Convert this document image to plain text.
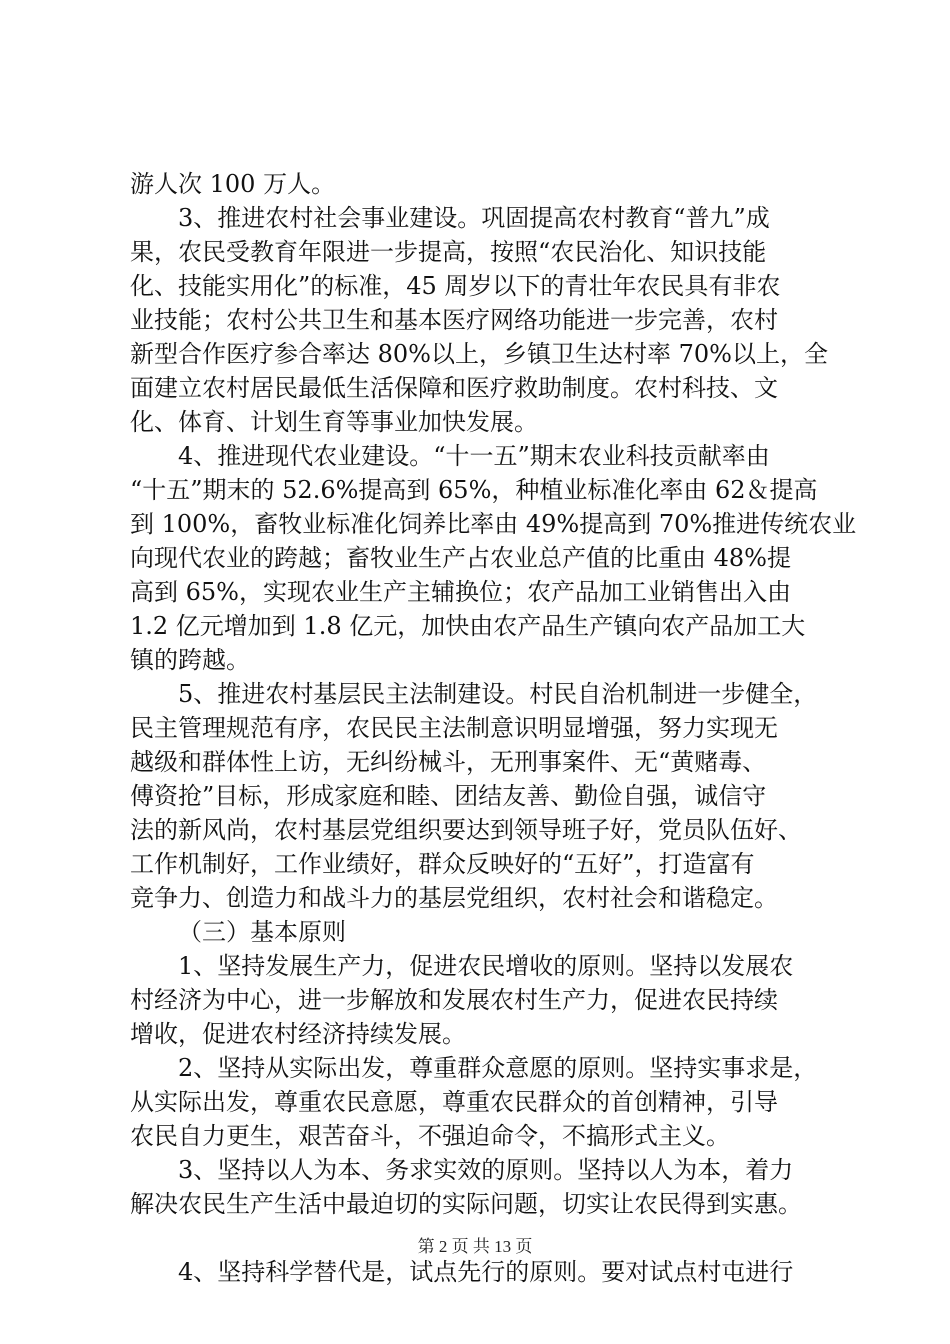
游人次 100 万人。
3、推进农村社会事业建设。巩固提高农村教育“普九”成
果，农民受教育年限进一步提高，按照“农民治化、知识技能
化、技能实用化”的标准，45 周岁以下的青壮年农民具有非农
业技能；农村公共卫生和基本医疗网络功能进一步完善，农村
新型合作医疗参合率达 80%以上，乡镇卫生达村率 70%以上，全
面建立农村居民最低生活保障和医疗救助制度。农村科技、文
化、体育、计划生育等事业加快发展。
4、推进现代农业建设。“十一五”期末农业科技贡献率由
“十五”期末的 52.6%提高到 65%，种植业标准化率由 62＆提高
到 100%，畜牧业标准化饲养比率由 49%提高到 70%推进传统农业
向现代农业的跨越；畜牧业生产占农业总产值的比重由 48%提
高到 65%，实现农业生产主辅换位；农产品加工业销售出入由
1.2 亿元增加到 1.8 亿元，加快由农产品生产镇向农产品加工大
镇的跨越。
5、推进农村基层民主法制建设。村民自治机制进一步健全，
民主管理规范有序，农民民主法制意识明显增强，努力实现无
越级和群体性上访，无纠纷械斗，无刑事案件、无“黄赌毒、
傅资抢”目标，形成家庭和睦、团结友善、勤俭自强，诚信守
法的新风尚，农村基层党组织要达到领导班子好，党员队伍好、
工作机制好，工作业绩好，群众反映好的“五好”，打造富有
竞争力、创造力和战斗力的基层党组织，农村社会和谐稳定。
（三）基本原则
1、坚持发展生产力，促进农民增收的原则。坚持以发展农
村经济为中心，进一步解放和发展农村生产力，促进农民持续
增收，促进农村经济持续发展。
2、坚持从实际出发，尊重群众意愿的原则。坚持实事求是，
从实际出发，尊重农民意愿，尊重农民群众的首创精神，引导
农民自力更生，艰苦奋斗，不强迫命令，不搞形式主义。
3、坚持以人为本、务求实效的原则。坚持以人为本，着力
解决农民生产生活中最迫切的实际问题，切实让农民得到实惠。
4、坚持科学替代是，试点先行的原则。要对试点村屯进行
第 2 页 共 13 页
